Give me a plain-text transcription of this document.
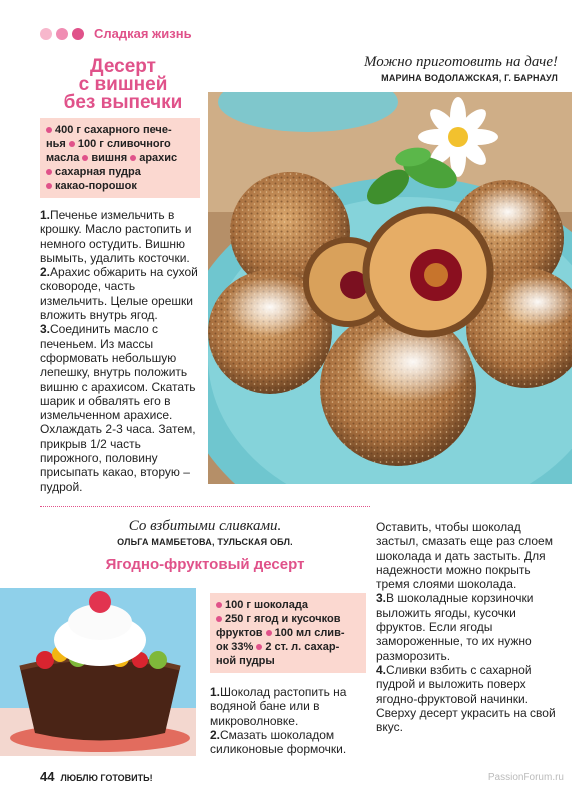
Сладкая жизнь
Десерт
с вишней
без выпечки
Можно приготовить на даче!
МАРИНА ВОДОЛАЖСКАЯ, Г. БАРНАУЛ
400 г сахарного пече-
нья 100 г сливочного
масла вишня арахис
сахарная пудра
какао-порошок
1.Печенье измельчить в крошку. Масло растопить и немного остудить. Вишню вымыть, удалить косточки.
2.Арахис обжарить на сухой сковороде, часть измельчить. Целые орешки вложить внутрь ягод.
3.Соединить масло с печеньем. Из массы сформовать небольшую лепешку, внутрь положить вишню с арахисом. Скатать шарик и обвалять его в измельченном арахисе. Охлаждать 2-3 часа. Затем, прикрыв 1/2 часть пирожного, половину присыпать какао, вторую – пудрой.
Со взбитыми сливками.
ОЛЬГА МАМБЕТОВА, ТУЛЬСКАЯ ОБЛ.
Ягодно-фруктовый десерт
100 г шоколада
250 г ягод и кусочков
фруктов 100 мл слив-
ок 33% 2 ст. л. сахар-
ной пудры
1.Шоколад растопить на водяной бане или в микроволновке.
2.Смазать шоколадом силиконовые формочки.
Оставить, чтобы шоколад застыл, смазать еще раз слоем шоколада и дать застыть. Для надежности можно покрыть тремя слоями шоколада.
3.В шоколадные корзиночки выложить ягоды, кусочки фруктов. Если ягоды замороженные, то их нужно разморозить.
4.Сливки взбить с сахарной пудрой и выложить поверх ягодно-фруктовой начинки. Сверху десерт украсить на свой вкус.
44 ЛЮБЛЮ ГОТОВИТЬ!	PassionForum.ru
